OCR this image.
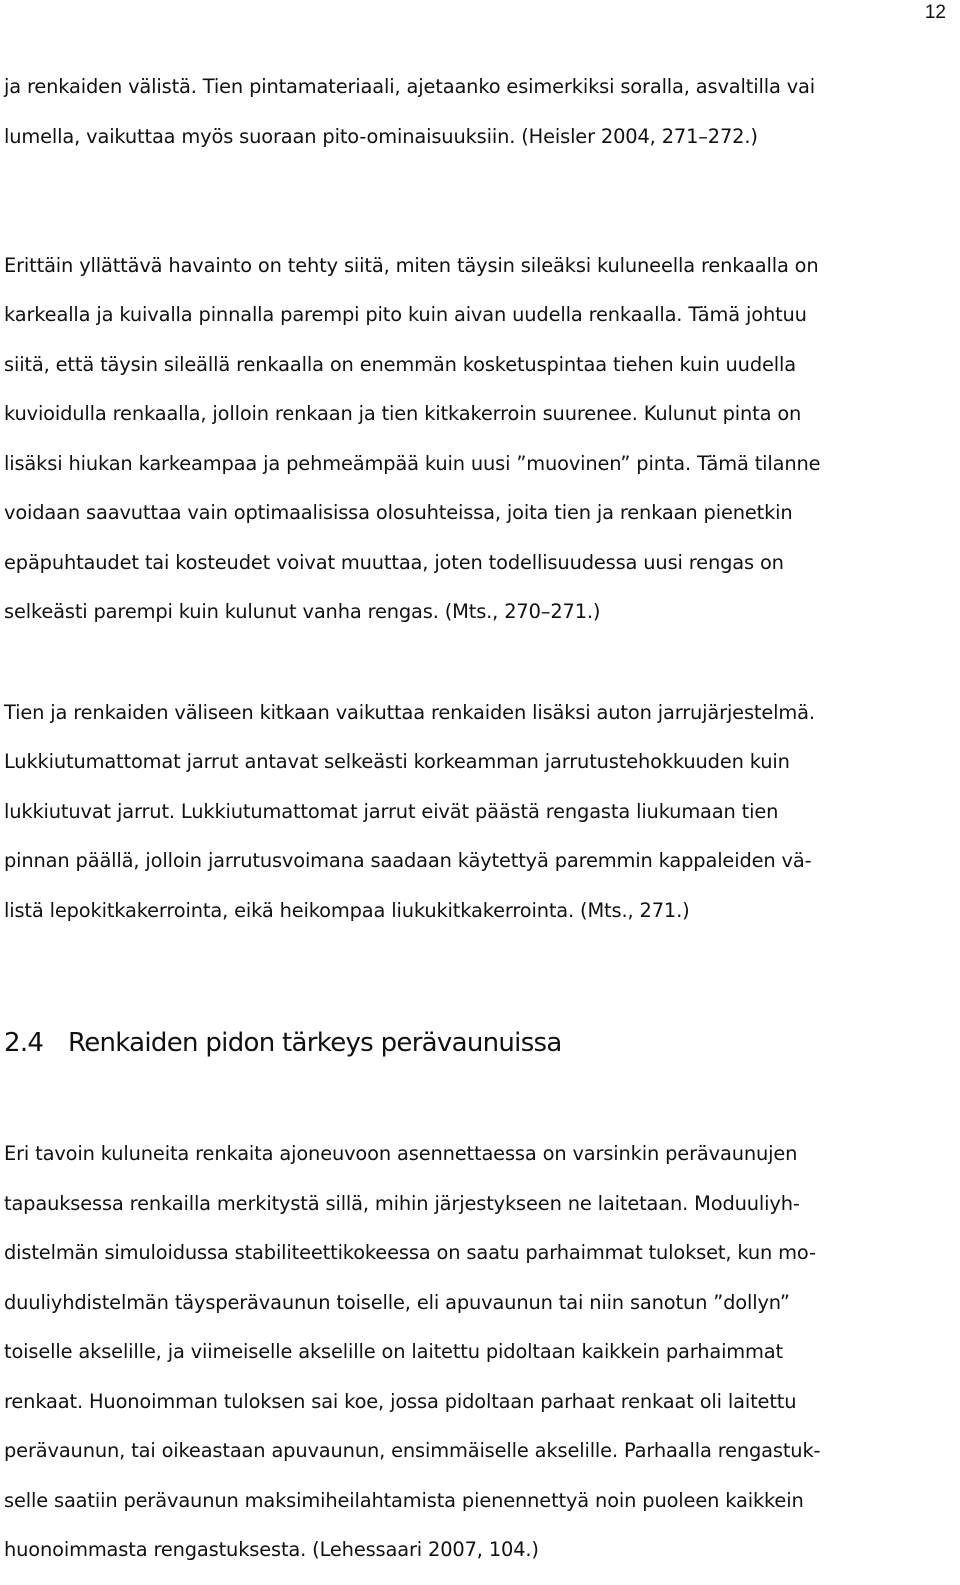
12
ja renkaiden välistä. Tien pintamateriaali, ajetaanko esimerkiksi soralla, asvaltilla vai
lumella, vaikuttaa myös suoraan pito-ominaisuuksiin. (Heisler 2004, 271–272.)
Erittäin yllättävä havainto on tehty siitä, miten täysin sileäksi kuluneella renkaalla on
karkealla ja kuivalla pinnalla parempi pito kuin aivan uudella renkaalla. Tämä johtuu
siitä, että täysin sileällä renkaalla on enemmän kosketuspintaa tiehen kuin uudella
kuvioidulla renkaalla, jolloin renkaan ja tien kitkakerroin suurenee. Kulunut pinta on
lisäksi hiukan karkeampaa ja pehmeämpää kuin uusi ”muovinen” pinta. Tämä tilanne
voidaan saavuttaa vain optimaalisissa olosuhteissa, joita tien ja renkaan pienetkin
epäpuhtaudet tai kosteudet voivat muuttaa, joten todellisuudessa uusi rengas on
selkeästi parempi kuin kulunut vanha rengas. (Mts., 270–271.)
Tien ja renkaiden väliseen kitkaan vaikuttaa renkaiden lisäksi auton jarrujärjestelmä.
Lukkiutumattomat jarrut antavat selkeästi korkeamman jarrutustehokkuuden kuin
lukkiutuvat jarrut. Lukkiutumattomat jarrut eivät päästä rengasta liukumaan tien
pinnan päällä, jolloin jarrutusvoimana saadaan käytettyä paremmin kappaleiden vä-
listä lepokitkakerrointa, eikä heikompaa liukukitkakerrointa. (Mts., 271.)
2.4 Renkaiden pidon tärkeys perävaunuissa
Eri tavoin kuluneita renkaita ajoneuvoon asennettaessa on varsinkin perävaunujen
tapauksessa renkailla merkitystä sillä, mihin järjestykseen ne laitetaan. Moduuliyh-
distelmän simuloidussa stabiliteettikokeessa on saatu parhaimmat tulokset, kun mo-
duuliyhdistelmän täysperävaunun toiselle, eli apuvaunun tai niin sanotun ”dollyn”
toiselle akselille, ja viimeiselle akselille on laitettu pidoltaan kaikkein parhaimmat
renkaat. Huonoimman tuloksen sai koe, jossa pidoltaan parhaat renkaat oli laitettu
perävaunun, tai oikeastaan apuvaunun, ensimmäiselle akselille. Parhaalla rengastuk-
selle saatiin perävaunun maksimiheilahtamista pienennettyä noin puoleen kaikkein
huonoimmasta rengastuksesta. (Lehessaari 2007, 104.)
